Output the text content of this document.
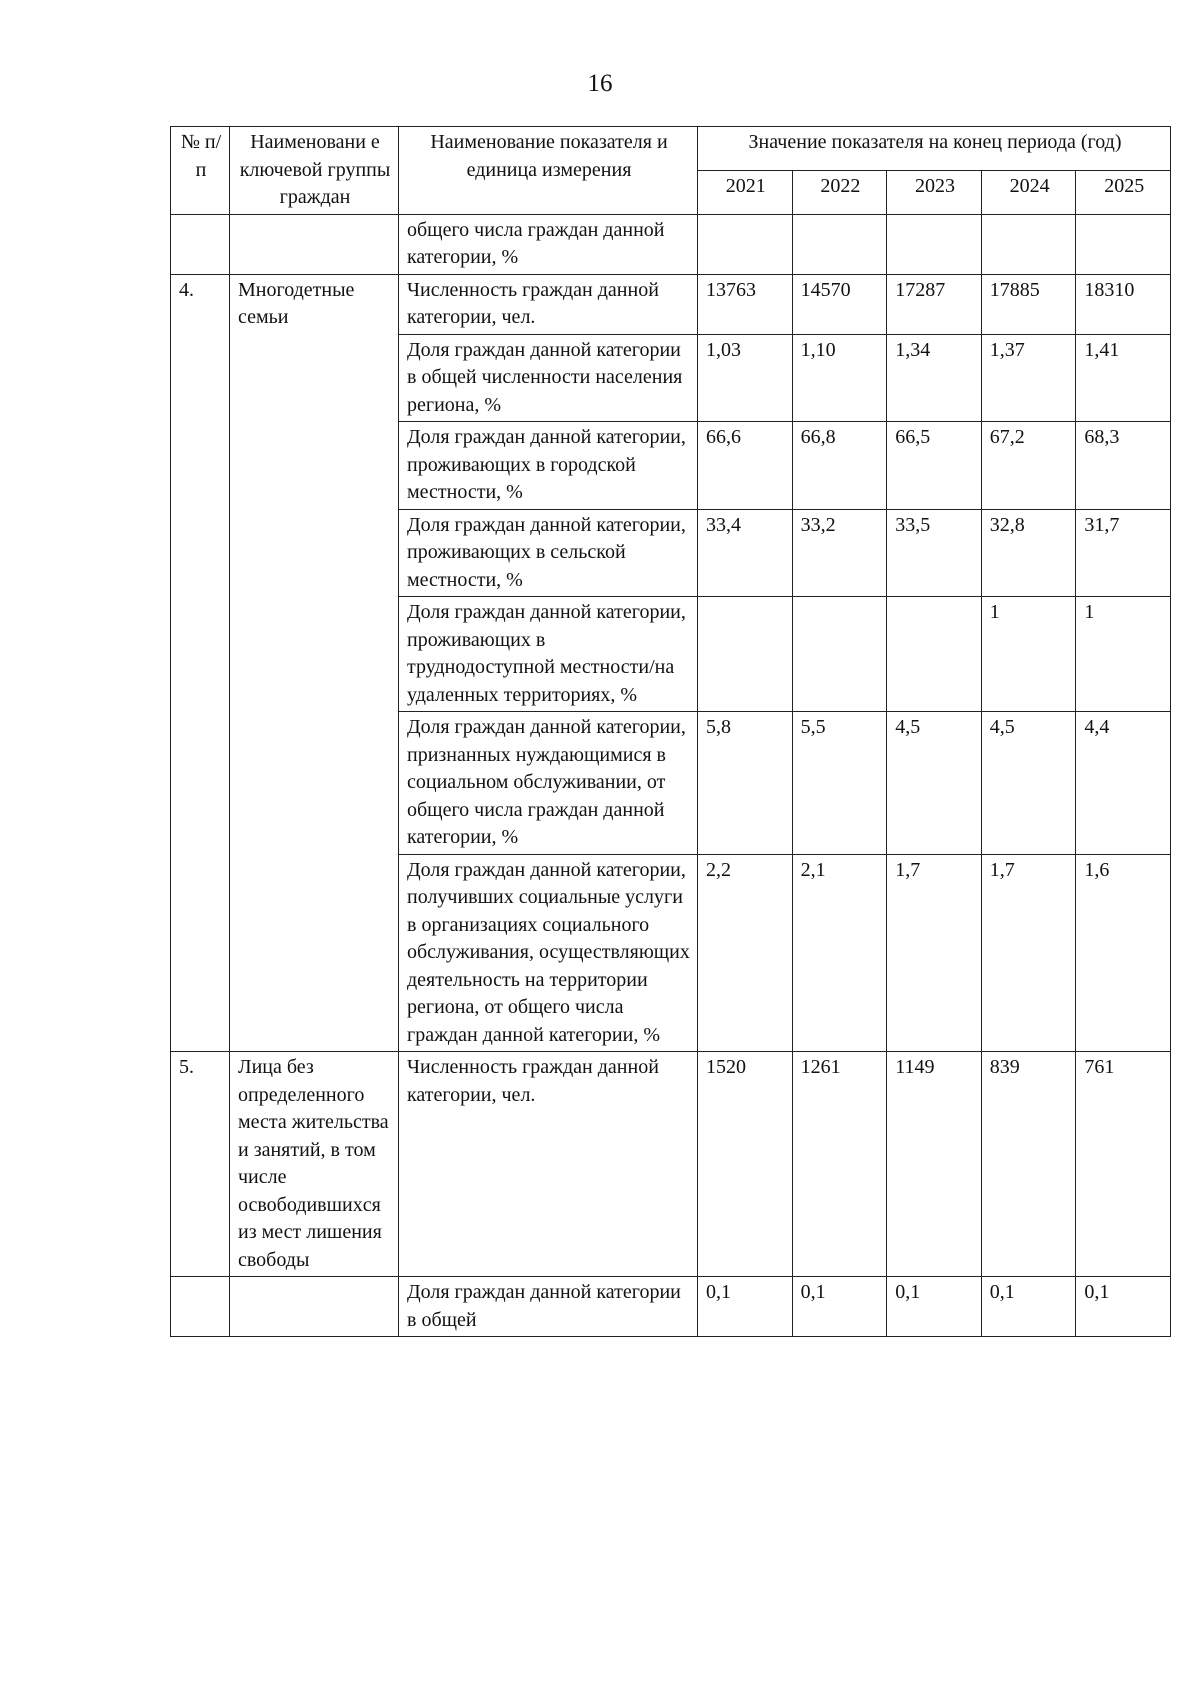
16
№ п/п	Наименовани е ключевой группы граждан	Наименование показателя и единица измерения	Значение показателя на конец периода (год)				
			2021	2022	2023	2024	2025
		общего числа граждан данной категории, %					
4.	Многодетные семьи	Численность граждан данной категории, чел.	13763	14570	17287	17885	18310
		Доля граждан данной категории в общей численности населения региона, %	1,03	1,10	1,34	1,37	1,41
		Доля граждан данной категории, проживающих в городской местности, %	66,6	66,8	66,5	67,2	68,3
		Доля граждан данной категории, проживающих в сельской местности, %	33,4	33,2	33,5	32,8	31,7
		Доля граждан данной категории, проживающих в труднодоступной местности/на удаленных территориях, %				1	1
		Доля граждан данной категории, признанных нуждающимися в социальном обслуживании, от общего числа граждан данной категории, %	5,8	5,5	4,5	4,5	4,4
		Доля граждан данной категории, получивших социальные услуги в организациях социального обслуживания, осуществляющих деятельность на территории региона, от общего числа граждан данной категории, %	2,2	2,1	1,7	1,7	1,6
5.	Лица без определенного места жительства и занятий, в том числе освободившиxся из мест лишения свободы	Численность граждан данной категории, чел.	1520	1261	1149	839	761
		Доля граждан данной категории в общей	0,1	0,1	0,1	0,1	0,1
